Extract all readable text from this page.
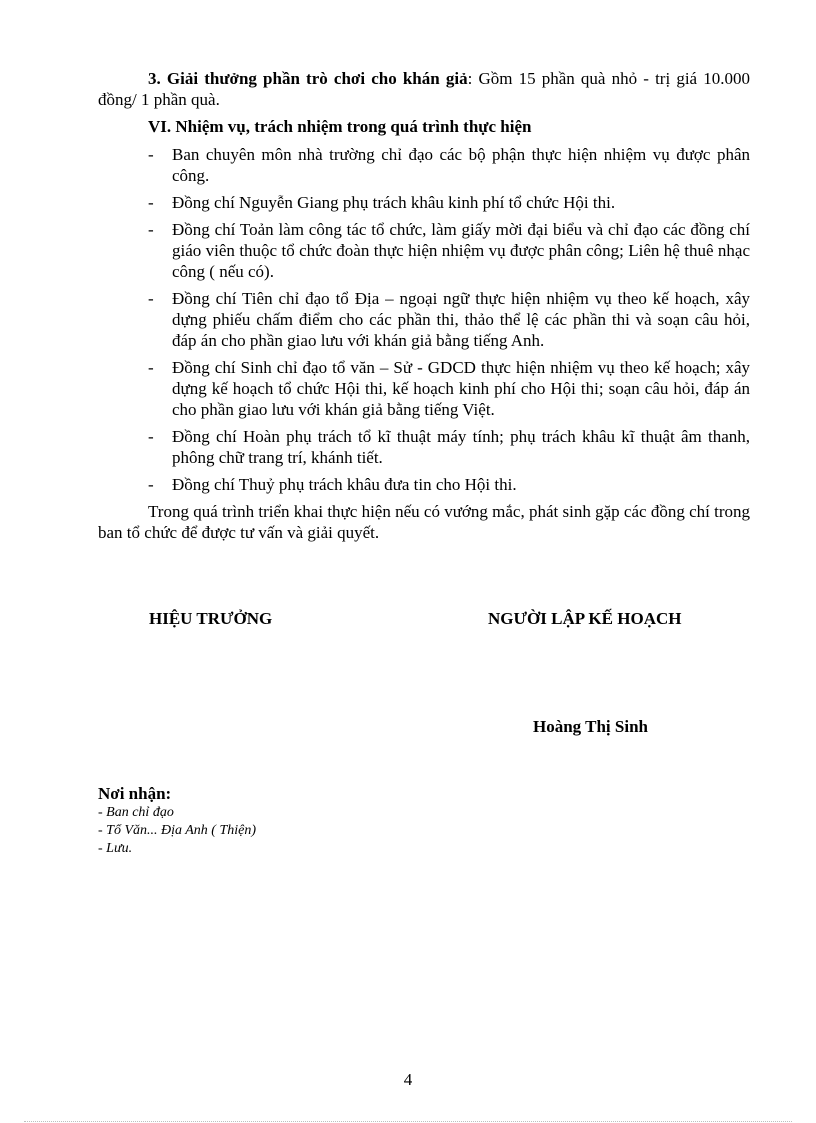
3. Giải thưởng phần trò chơi cho khán giả: Gồm 15 phần quà nhỏ - trị giá 10.000 đồng/ 1 phần quà.

VI. Nhiệm vụ, trách nhiệm trong quá trình thực hiện
- Ban chuyên môn nhà trường chỉ đạo các bộ phận thực hiện nhiệm vụ được phân công.
- Đồng chí Nguyễn Giang phụ trách khâu kinh phí tổ chức Hội thi.
- Đồng chí Toản làm công tác tổ chức, làm giấy mời đại biểu và chỉ đạo các đồng chí giáo viên thuộc tổ chức đoàn thực hiện nhiệm vụ được phân công; Liên hệ thuê nhạc công ( nếu có).
- Đồng chí Tiên chỉ đạo tổ Địa – ngoại ngữ thực hiện nhiệm vụ theo kế hoạch, xây dựng phiếu chấm điểm cho các phần thi, thảo thể lệ các phần thi và soạn câu hỏi, đáp án cho phần giao lưu với khán giả bằng tiếng Anh.
- Đồng chí Sinh chỉ đạo tổ văn – Sử - GDCD thực hiện nhiệm vụ theo kế hoạch; xây dựng kế hoạch tổ chức Hội thi, kế hoạch kinh phí cho Hội thi; soạn câu hỏi, đáp án cho phần giao lưu với khán giả bằng tiếng Việt.
- Đồng chí Hoàn phụ trách tổ kĩ thuật máy tính; phụ trách khâu kĩ thuật âm thanh, phông chữ trang trí, khánh tiết.
- Đồng chí Thuỷ phụ trách khâu đưa tin cho Hội thi.

Trong quá trình triển khai thực hiện nếu có vướng mắc, phát sinh gặp các đồng chí trong ban tổ chức để được tư vấn và giải quyết.

HIỆU TRƯỞNG	NGƯỜI LẬP KẾ HOẠCH
Hoàng Thị Sinh
Nơi nhận:
- Ban chỉ đạo
- Tổ Văn... Địa Anh ( Thiện)
- Lưu.
4
